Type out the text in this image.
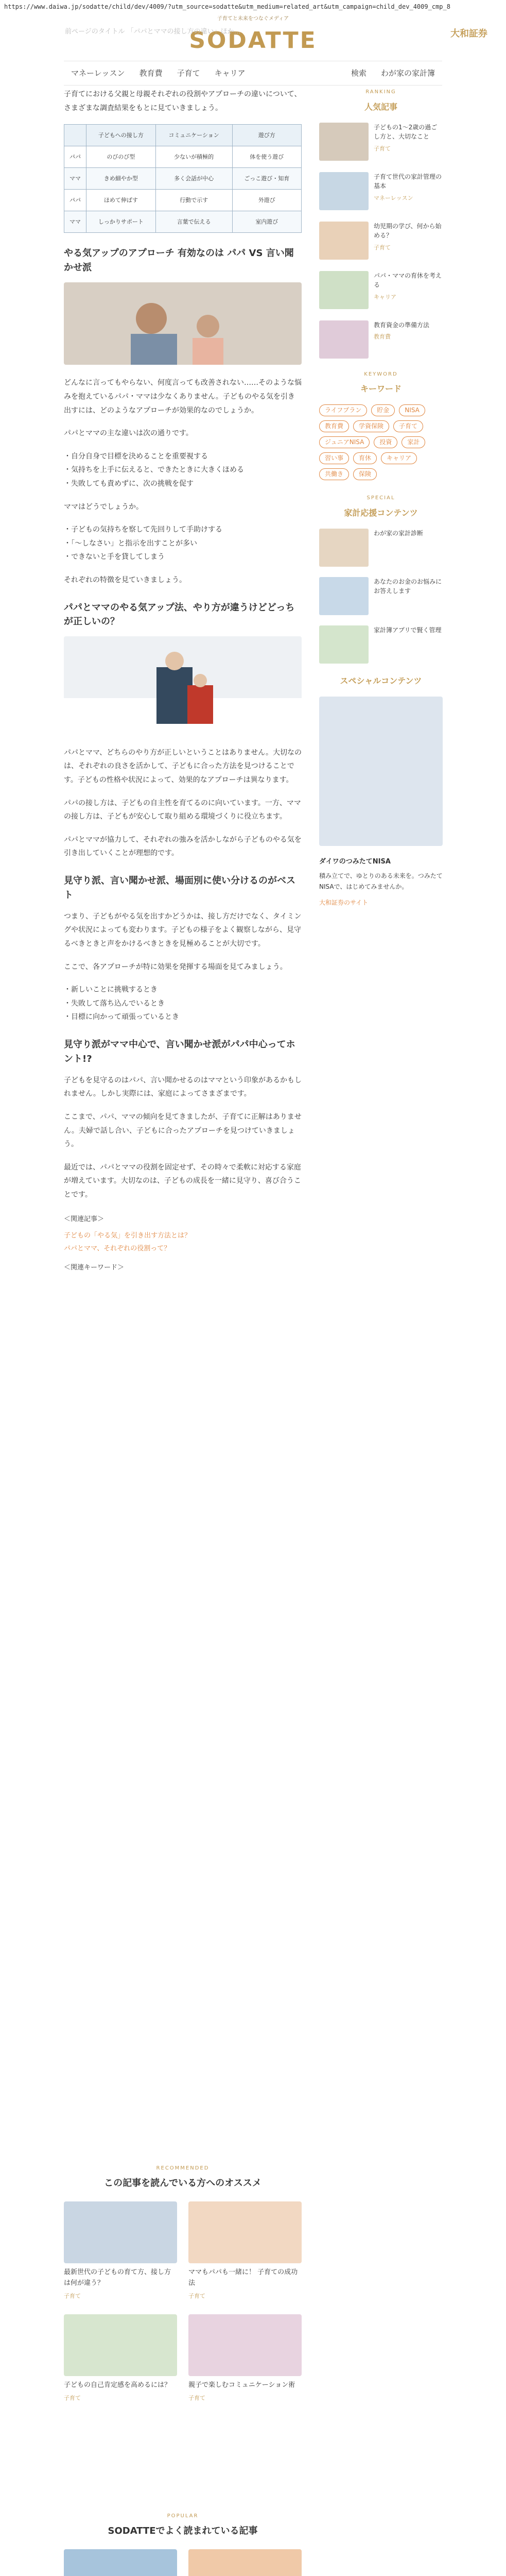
https://www.daiwa.jp/sodatte/child/dev/4009/?utm_source=sodatte&utm_medium=related_art&utm_campaign=child_dev_4009_cmp_8
子育てと未来をつなぐメディア
SODATTE	大和証券
前ページのタイトル 「パパとママの接し方の違い」ほか…
マネーレッスン	教育費	子育て	キャリア	検索	わが家の家計簿

子育てにおける父親と母親それぞれの役割やアプローチの違いについて、さまざまな調査結果をもとに見ていきましょう。

	子どもへの接し方	コミュニケーション	遊び方
パパ	のびのび型	少ないが積極的	体を使う遊び
ママ	きめ細やか型	多く会話が中心	ごっこ遊び・知育
パパ	ほめて伸ばす	行動で示す	外遊び
ママ	しっかりサポート	言葉で伝える	室内遊び
やる気アップのアプローチ 有効なのは パパ VS 言い聞かせ派

どんなに言ってもやらない、何度言っても改善されない……そのような悩みを抱えているパパ・ママは少なくありません。子どものやる気を引き出すには、どのようなアプローチが効果的なのでしょうか。

パパとママの主な違いは次の通りです。

・ 自分自身で目標を決めることを重要視する
・ 気持ちを上手に伝えると、できたときに大きくほめる
・ 失敗しても責めずに、次の挑戦を促す

ママはどうでしょうか。

・ 子どもの気持ちを察して先回りして手助けする
・ 「〜しなさい」と指示を出すことが多い
・ できないと手を貸してしまう

それぞれの特徴を見ていきましょう。

パパとママのやる気アップ法、やり方が違うけどどっちが正しいの？

パパとママ、どちらのやり方が正しいということはありません。大切なのは、それぞれの良さを活かして、子どもに合った方法を見つけることです。子どもの性格や状況によって、効果的なアプローチは異なります。

パパの接し方は、子どもの自主性を育てるのに向いています。一方、ママの接し方は、子どもが安心して取り組める環境づくりに役立ちます。

パパとママが協力して、それぞれの強みを活かしながら子どものやる気を引き出していくことが理想的です。

見守り派、言い聞かせ派、場面別に使い分けるのがベスト

つまり、子どもがやる気を出すかどうかは、接し方だけでなく、タイミングや状況によっても変わります。子どもの様子をよく観察しながら、見守るべきときと声をかけるべきときを見極めることが大切です。

ここで、各アプローチが特に効果を発揮する場面を見てみましょう。

・ 新しいことに挑戦するとき
・ 失敗して落ち込んでいるとき
・ 目標に向かって頑張っているとき
見守り派がママ中心で、言い聞かせ派がパパ中心ってホント!?

子どもを見守るのはパパ、言い聞かせるのはママという印象があるかもしれません。しかし実際には、家庭によってさまざまです。

ここまで、パパ、ママの傾向を見てきましたが、子育てに正解はありません。夫婦で話し合い、子どもに合ったアプローチを見つけていきましょう。

最近では、パパとママの役割を固定せず、その時々で柔軟に対応する家庭が増えています。大切なのは、子どもの成長を一緒に見守り、喜び合うことです。

＜関連記事＞
子どもの「やる気」を引き出す方法とは？
パパとママ、それぞれの役割って？
＜関連キーワード＞
RECOMMENDED
この記事を読んでいる方へのオススメ
最新世代の子どもの育て方、接し方は何が違う？
子育て
ママもパパも一緒に！ 子育ての成功法
子育て
子どもの自己肯定感を高めるには？
子育て
親子で楽しむコミュニケーション術
子育て
POPULAR
SODATTEでよく読まれている記事
RANKING
人気記事
子どもの1〜2歳の過ごし方と、大切なこと
子育て
子育て世代の家計管理の基本
マネーレッスン
幼児期の学び、何から始める？
子育て
パパ・ママの育休を考える
キャリア
教育資金の準備方法
教育費
KEYWORD
キーワード
ライフプラン	貯金	NISA
教育費	学資保険	子育て
ジュニアNISA	投資	家計
習い事	育休	キャリア
共働き	保険
SPECIAL
家計応援コンテンツ
わが家の家計診断
あなたのお金のお悩みにお答えします
家計簿アプリで賢く管理
スペシャルコンテンツ
ダイワのつみたてNISA
積み立てで、ゆとりのある未来を。つみたてNISAで、はじめてみませんか。
大和証券のサイト
